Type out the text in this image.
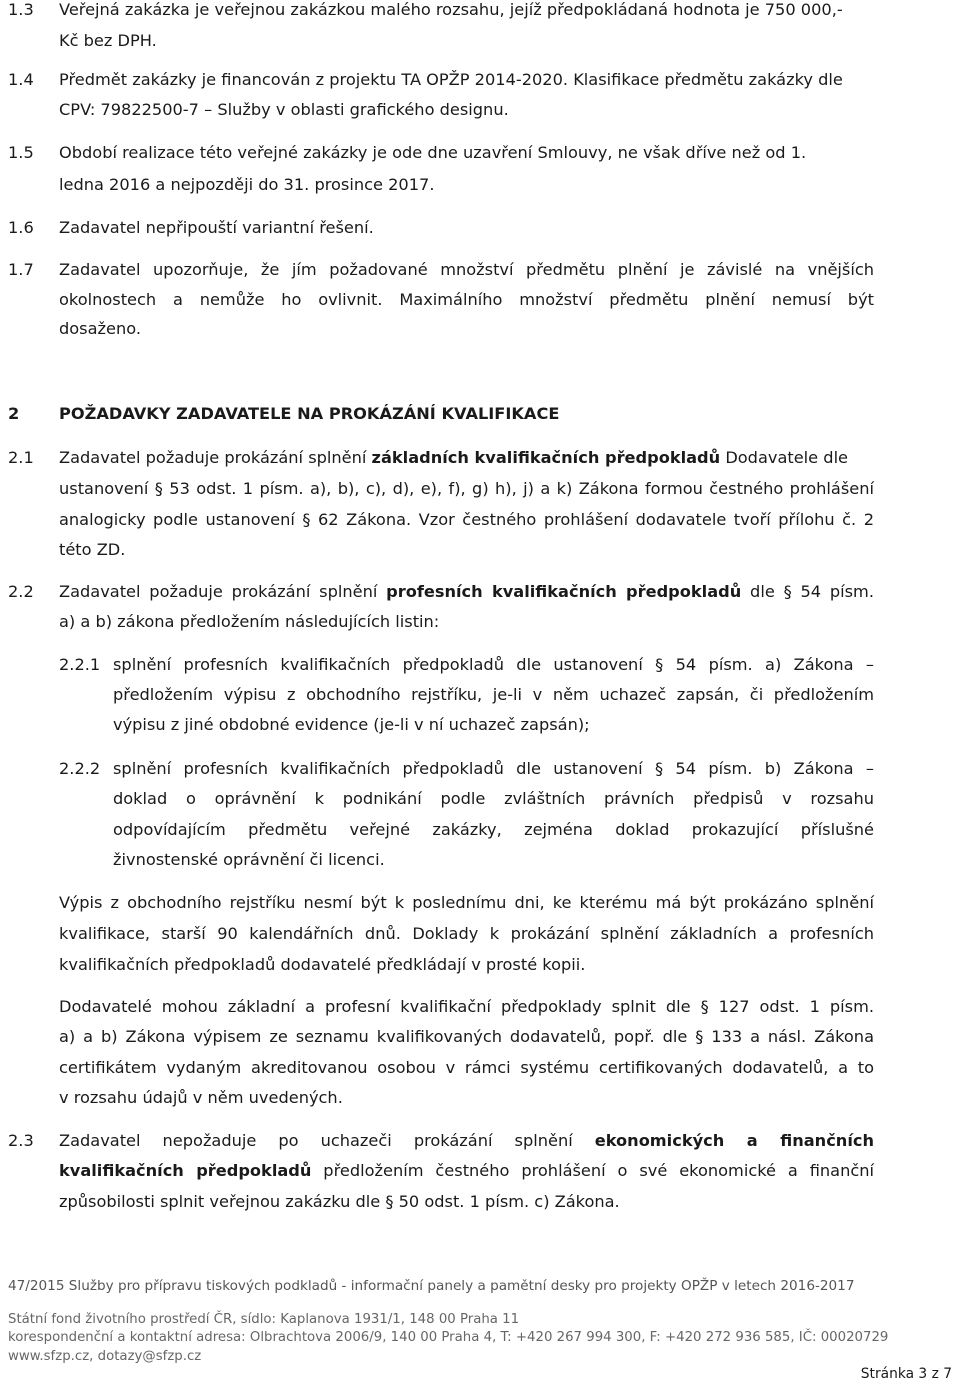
1.3 Veřejná zakázka je veřejnou zakázkou malého rozsahu, jejíž předpokládaná hodnota je 750 000,-
Kč bez DPH.
1.4 Předmět zakázky je financován z projektu TA OPŽP 2014-2020. Klasifikace předmětu zakázky dle
CPV: 79822500-7 – Služby v oblasti grafického designu.
1.5 Období realizace této veřejné zakázky je ode dne uzavření Smlouvy, ne však dříve než od 1.
ledna 2016 a nejpozději do 31. prosince 2017.
1.6 Zadavatel nepřipouští variantní řešení.
1.7 Zadavatel upozorňuje, že jím požadované množství předmětu plnění je závislé na vnějších
okolnostech a nemůže ho ovlivnit. Maximálního množství předmětu plnění nemusí být
dosaženo.
2 POŽADAVKY ZADAVATELE NA PROKÁZÁNÍ KVALIFIKACE
2.1 Zadavatel požaduje prokázání splnění základních kvalifikačních předpokladů Dodavatele dle
ustanovení § 53 odst. 1 písm. a), b), c), d), e), f), g) h), j) a k) Zákona formou čestného prohlášení
analogicky podle ustanovení § 62 Zákona. Vzor čestného prohlášení dodavatele tvoří přílohu č. 2
této ZD.
2.2 Zadavatel požaduje prokázání splnění profesních kvalifikačních předpokladů dle § 54 písm.
a) a b) zákona předložením následujících listin:
2.2.1 splnění profesních kvalifikačních předpokladů dle ustanovení § 54 písm. a) Zákona –
předložením výpisu z obchodního rejstříku, je-li v něm uchazeč zapsán, či předložením
výpisu z jiné obdobné evidence (je-li v ní uchazeč zapsán);
2.2.2 splnění profesních kvalifikačních předpokladů dle ustanovení § 54 písm. b) Zákona –
doklad o oprávnění k podnikání podle zvláštních právních předpisů v rozsahu
odpovídajícím předmětu veřejné zakázky, zejména doklad prokazující příslušné
živnostenské oprávnění či licenci.
Výpis z obchodního rejstříku nesmí být k poslednímu dni, ke kterému má být prokázáno splnění
kvalifikace, starší 90 kalendářních dnů. Doklady k prokázání splnění základních a profesních
kvalifikačních předpokladů dodavatelé předkládají v prosté kopii.
Dodavatelé mohou základní a profesní kvalifikační předpoklady splnit dle § 127 odst. 1 písm.
a) a b) Zákona výpisem ze seznamu kvalifikovaných dodavatelů, popř. dle § 133 a násl. Zákona
certifikátem vydaným akreditovanou osobou v rámci systému certifikovaných dodavatelů, a to
v rozsahu údajů v něm uvedených.
2.3 Zadavatel nepožaduje po uchazeči prokázání splnění ekonomických a finančních
kvalifikačních předpokladů předložením čestného prohlášení o své ekonomické a finanční
způsobilosti splnit veřejnou zakázku dle § 50 odst. 1 písm. c) Zákona.
47/2015 Služby pro přípravu tiskových podkladů - informační panely a pamětní desky pro projekty OPŽP v letech 2016-2017
Státní fond životního prostředí ČR, sídlo: Kaplanova 1931/1, 148 00 Praha 11
korespondenční a kontaktní adresa: Olbrachtova 2006/9, 140 00 Praha 4, T: +420 267 994 300, F: +420 272 936 585, IČ: 00020729
www.sfzp.cz, dotazy@sfzp.cz
Stránka 3 z 7
